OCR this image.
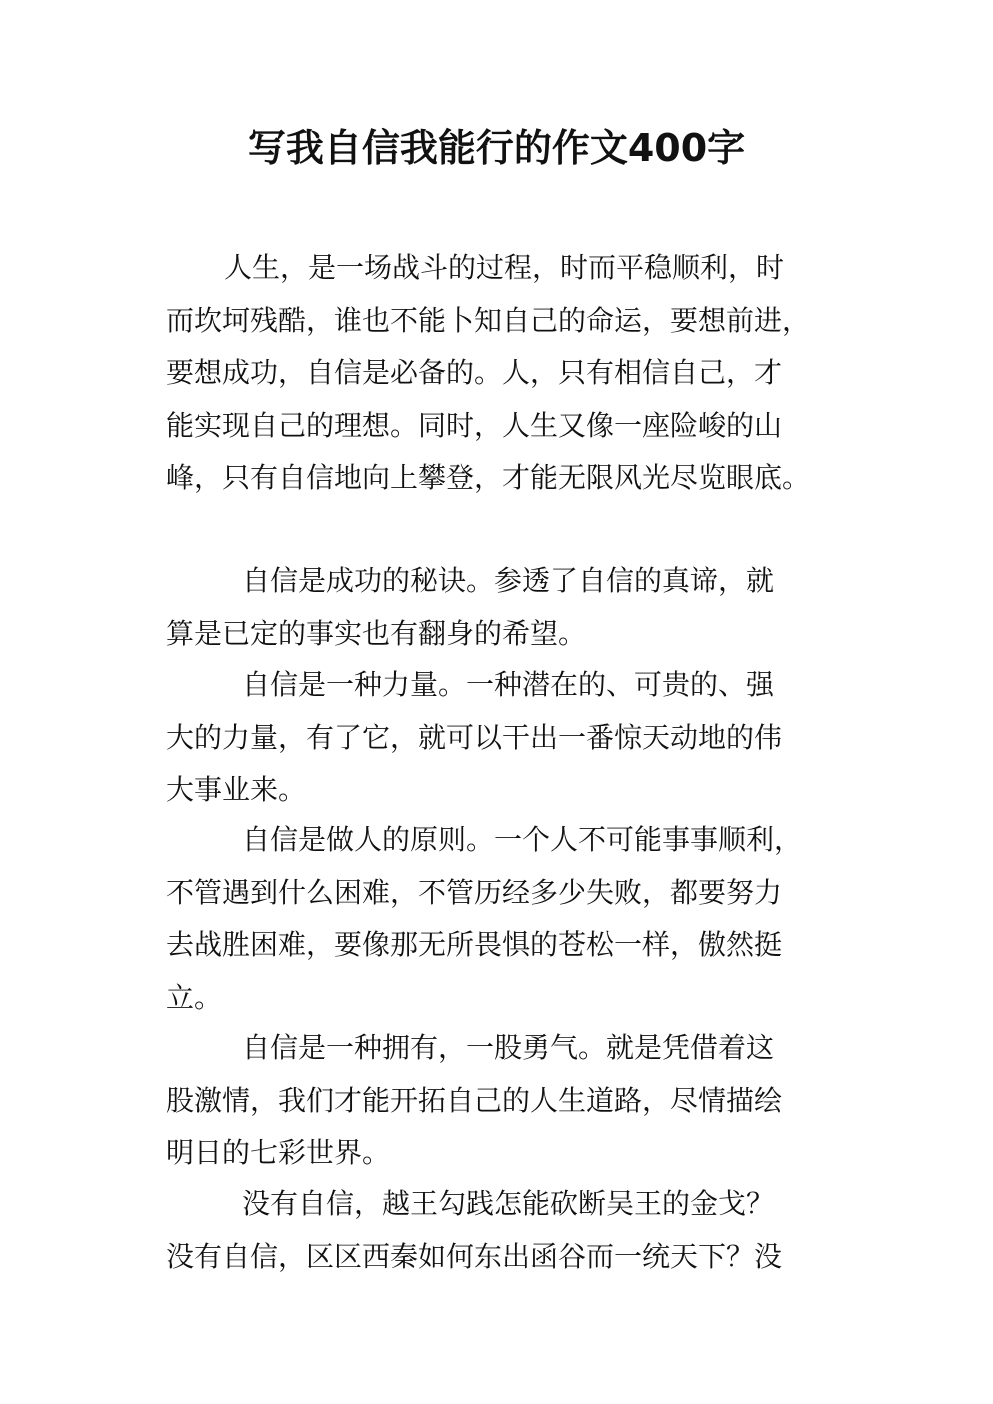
写我自信我能行的作文400字
人生，是一场战斗的过程，时而平稳顺利，时
而坎坷残酷，谁也不能卜知自己的命运，要想前进，
要想成功，自信是必备的。人，只有相信自己，才
能实现自己的理想。同时，人生又像一座险峻的山
峰，只有自信地向上攀登，才能无限风光尽览眼底。
自信是成功的秘诀。参透了自信的真谛，就
算是已定的事实也有翻身的希望。
自信是一种力量。一种潜在的、可贵的、强
大的力量，有了它，就可以干出一番惊天动地的伟
大事业来。
自信是做人的原则。一个人不可能事事顺利，
不管遇到什么困难，不管历经多少失败，都要努力
去战胜困难，要像那无所畏惧的苍松一样，傲然挺
立。
自信是一种拥有，一股勇气。就是凭借着这
股激情，我们才能开拓自己的人生道路，尽情描绘
明日的七彩世界。
没有自信，越王勾践怎能砍断吴王的金戈？
没有自信，区区西秦如何东出函谷而一统天下？没
